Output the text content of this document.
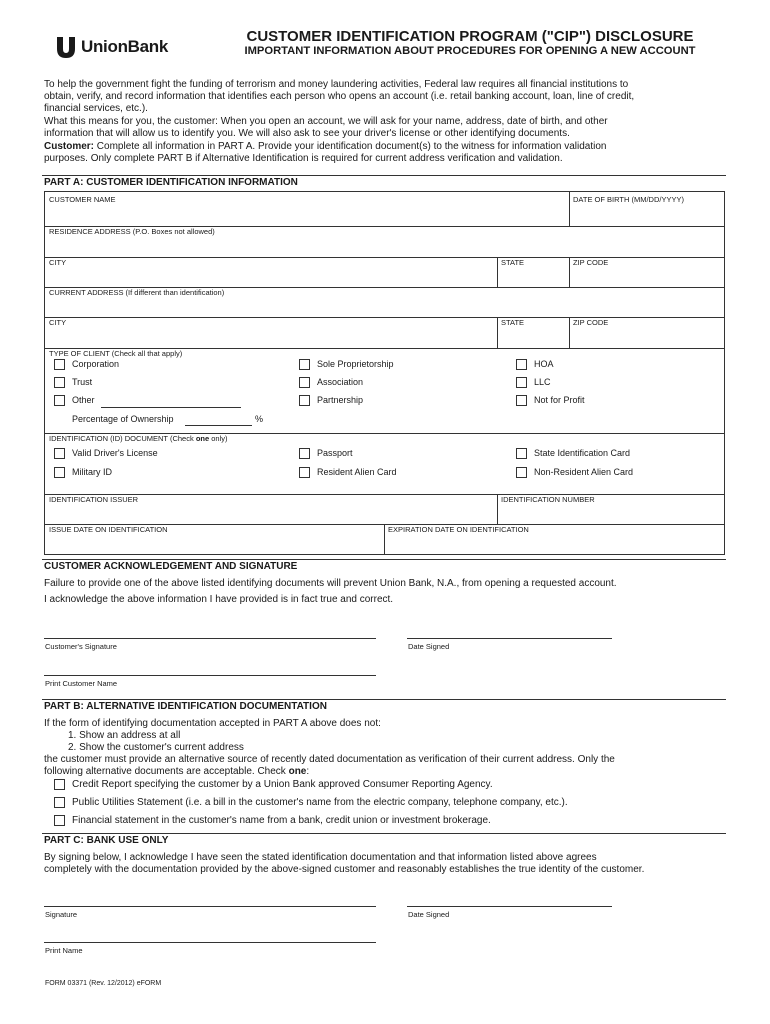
UnionBank
CUSTOMER IDENTIFICATION PROGRAM ("CIP") DISCLOSURE
IMPORTANT INFORMATION ABOUT PROCEDURES FOR OPENING A NEW ACCOUNT
To help the government fight the funding of terrorism and money laundering activities, Federal law requires all financial institutions to
obtain, verify, and record information that identifies each person who opens an account (i.e. retail banking account, loan, line of credit,
financial services, etc.).
What this means for you, the customer: When you open an account, we will ask for your name, address, date of birth, and other
information that will allow us to identify you. We will also ask to see your driver's license or other identifying documents.
Customer: Complete all information in PART A. Provide your identification document(s) to the witness for information validation
purposes. Only complete PART B if Alternative Identification is required for current address verification and validation.
PART A: CUSTOMER IDENTIFICATION INFORMATION
CUSTOMER NAME	DATE OF BIRTH (MM/DD/YYYY)
RESIDENCE ADDRESS (P.O. Boxes not allowed)
CITY	STATE	ZIP CODE
CURRENT ADDRESS (If different than identification)
CITY	STATE	ZIP CODE
TYPE OF CLIENT (Check all that apply)
Corporation	Sole Proprietorship	HOA
Trust	Association	LLC
Other	Partnership	Not for Profit
Percentage of Ownership	%
IDENTIFICATION (ID) DOCUMENT (Check one only)
Valid Driver's License	Passport	State Identification Card
Military ID	Resident Alien Card	Non-Resident Alien Card
IDENTIFICATION ISSUER	IDENTIFICATION NUMBER
ISSUE DATE ON IDENTIFICATION	EXPIRATION DATE ON IDENTIFICATION
CUSTOMER ACKNOWLEDGEMENT AND SIGNATURE
Failure to provide one of the above listed identifying documents will prevent Union Bank, N.A., from opening a requested account.
I acknowledge the above information I have provided is in fact true and correct.
Customer's Signature	Date Signed
Print Customer Name
PART B: ALTERNATIVE IDENTIFICATION DOCUMENTATION
If the form of identifying documentation accepted in PART A above does not:
1. Show an address at all
2. Show the customer's current address
the customer must provide an alternative source of recently dated documentation as verification of their current address. Only the
following alternative documents are acceptable. Check one:
Credit Report specifying the customer by a Union Bank approved Consumer Reporting Agency.
Public Utilities Statement (i.e. a bill in the customer's name from the electric company, telephone company, etc.).
Financial statement in the customer's name from a bank, credit union or investment brokerage.
PART C: BANK USE ONLY
By signing below, I acknowledge I have seen the stated identification documentation and that information listed above agrees
completely with the documentation provided by the above-signed customer and reasonably establishes the true identity of the customer.
Signature	Date Signed
Print Name
FORM 03371 (Rev. 12/2012) eFORM
